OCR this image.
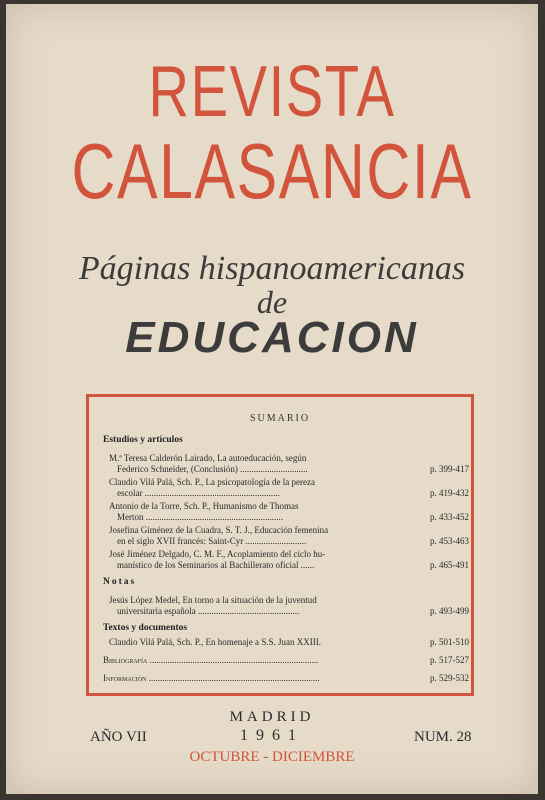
REVISTA
CALASANCIA
Páginas hispanoamericanas
de
EDUCACION
SUMARIO
Estudios y artículos
M.ª Teresa Calderón Lairado, La autoeducación, según
Federico Schneider, (Conclusión) ..............................	p. 399-417
Claudio Vilá Palá, Sch. P., La psicopatología de la pereza
escolar ............................................................	p. 419-432
Antonio de la Torre, Sch. P., Humanismo de Thomas
Merton .............................................................	p. 433-452
Josefina Giménez de la Cuadra, S. T. J., Educación femenina
en el siglo XVII francés: Saint-Cyr ...........................	p. 453-463
José Jiménez Delgado, C. M. F., Acoplamiento del ciclo hu-
manístico de los Seminarios al Bachillerato oficial ......	p. 465-491
Notas
Jesús López Medel, En torno a la situación de la juventud
universitaria española .............................................	p. 493-499
Textos y documentos
Claudio Vilá Palá, Sch. P., En homenaje a S.S. Juan XXIII.	p. 501-510
Bibliografía ...........................................................................	p. 517-527
Información ............................................................................	p. 529-532
MADRID
1961
AÑO VII	NUM. 28
OCTUBRE - DICIEMBRE
